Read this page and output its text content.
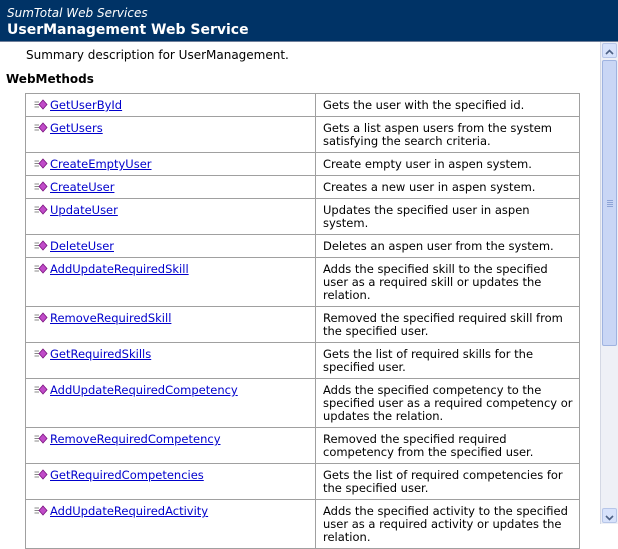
SumTotal Web Services
UserManagement Web Service
Summary description for UserManagement.
WebMethods
GetUserById	Gets the user with the specified id.
GetUsers	Gets a list aspen users from the system satisfying the search criteria.
CreateEmptyUser	Create empty user in aspen system.
CreateUser	Creates a new user in aspen system.
UpdateUser	Updates the specified user in aspen system.
DeleteUser	Deletes an aspen user from the system.
AddUpdateRequiredSkill	Adds the specified skill to the specified user as a required skill or updates the relation.
RemoveRequiredSkill	Removed the specified required skill from the specified user.
GetRequiredSkills	Gets the list of required skills for the specified user.
AddUpdateRequiredCompetency	Adds the specified competency to the specified user as a required competency or updates the relation.
RemoveRequiredCompetency	Removed the specified required competency from the specified user.
GetRequiredCompetencies	Gets the list of required competencies for the specified user.
AddUpdateRequiredActivity	Adds the specified activity to the specified user as a required activity or updates the relation.
